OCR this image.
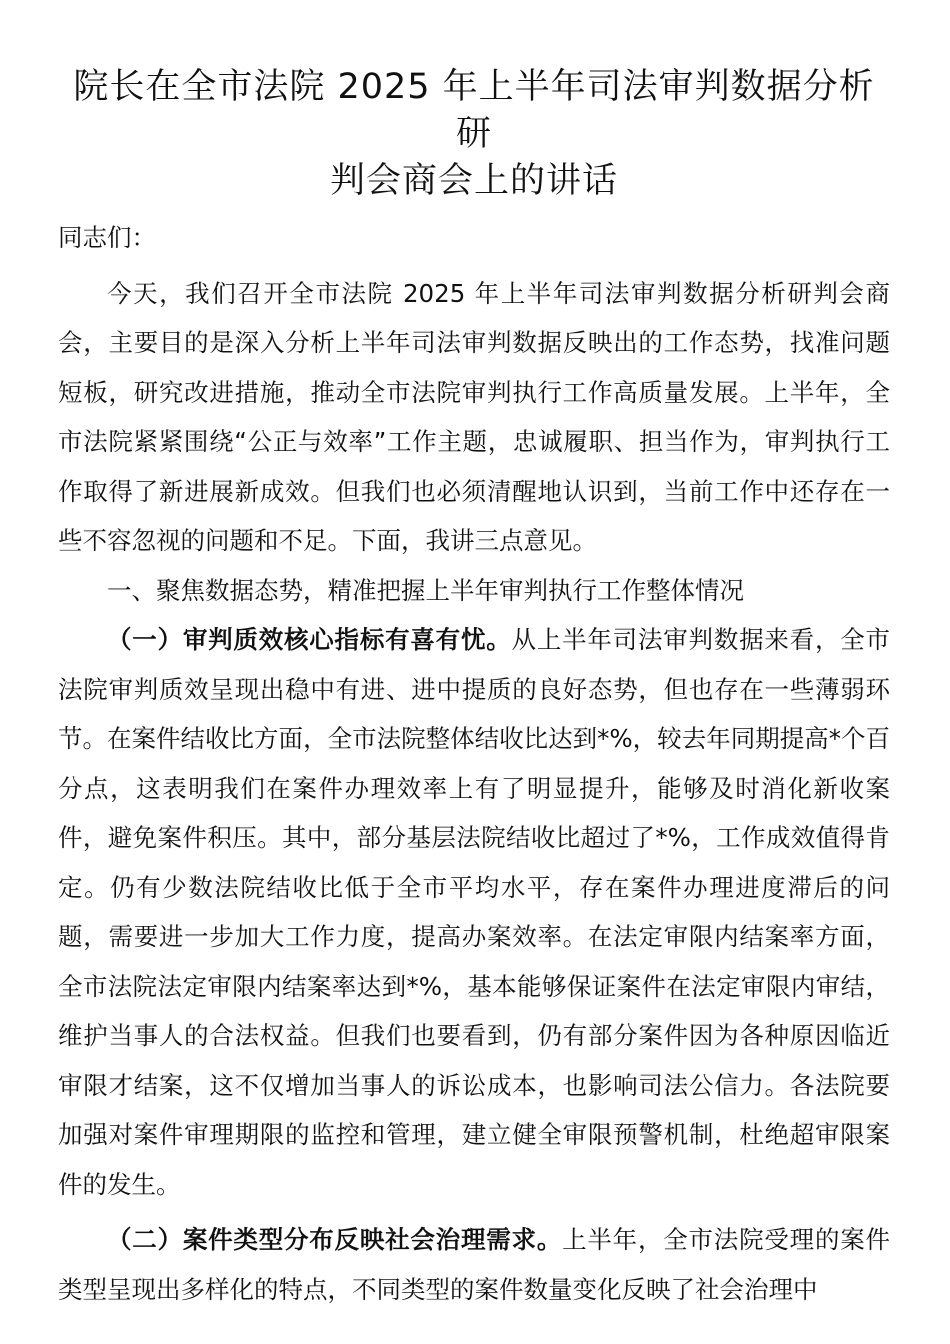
院长在全市法院 2025 年上半年司法审判数据分析研
判会商会上的讲话

同志们：

今天，我们召开全市法院 2025 年上半年司法审判数据分析研判会商会，主要目的是深入分析上半年司法审判数据反映出的工作态势，找准问题短板，研究改进措施，推动全市法院审判执行工作高质量发展。上半年，全市法院紧紧围绕“公正与效率”工作主题，忠诚履职、担当作为，审判执行工作取得了新进展新成效。但我们也必须清醒地认识到，当前工作中还存在一些不容忽视的问题和不足。下面，我讲三点意见。

一、聚焦数据态势，精准把握上半年审判执行工作整体情况

（一）审判质效核心指标有喜有忧。从上半年司法审判数据来看，全市法院审判质效呈现出稳中有进、进中提质的良好态势，但也存在一些薄弱环节。在案件结收比方面，全市法院整体结收比达到*%，较去年同期提高*个百分点，这表明我们在案件办理效率上有了明显提升，能够及时消化新收案件，避免案件积压。其中，部分基层法院结收比超过了*%，工作成效值得肯定。仍有少数法院结收比低于全市平均水平，存在案件办理进度滞后的问题，需要进一步加大工作力度，提高办案效率。在法定审限内结案率方面，全市法院法定审限内结案率达到*%，基本能够保证案件在法定审限内审结，维护当事人的合法权益。但我们也要看到，仍有部分案件因为各种原因临近审限才结案，这不仅增加当事人的诉讼成本，也影响司法公信力。各法院要加强对案件审理期限的监控和管理，建立健全审限预警机制，杜绝超审限案件的发生。

（二）案件类型分布反映社会治理需求。上半年，全市法院受理的案件类型呈现出多样化的特点，不同类型的案件数量变化反映了社会治理中
